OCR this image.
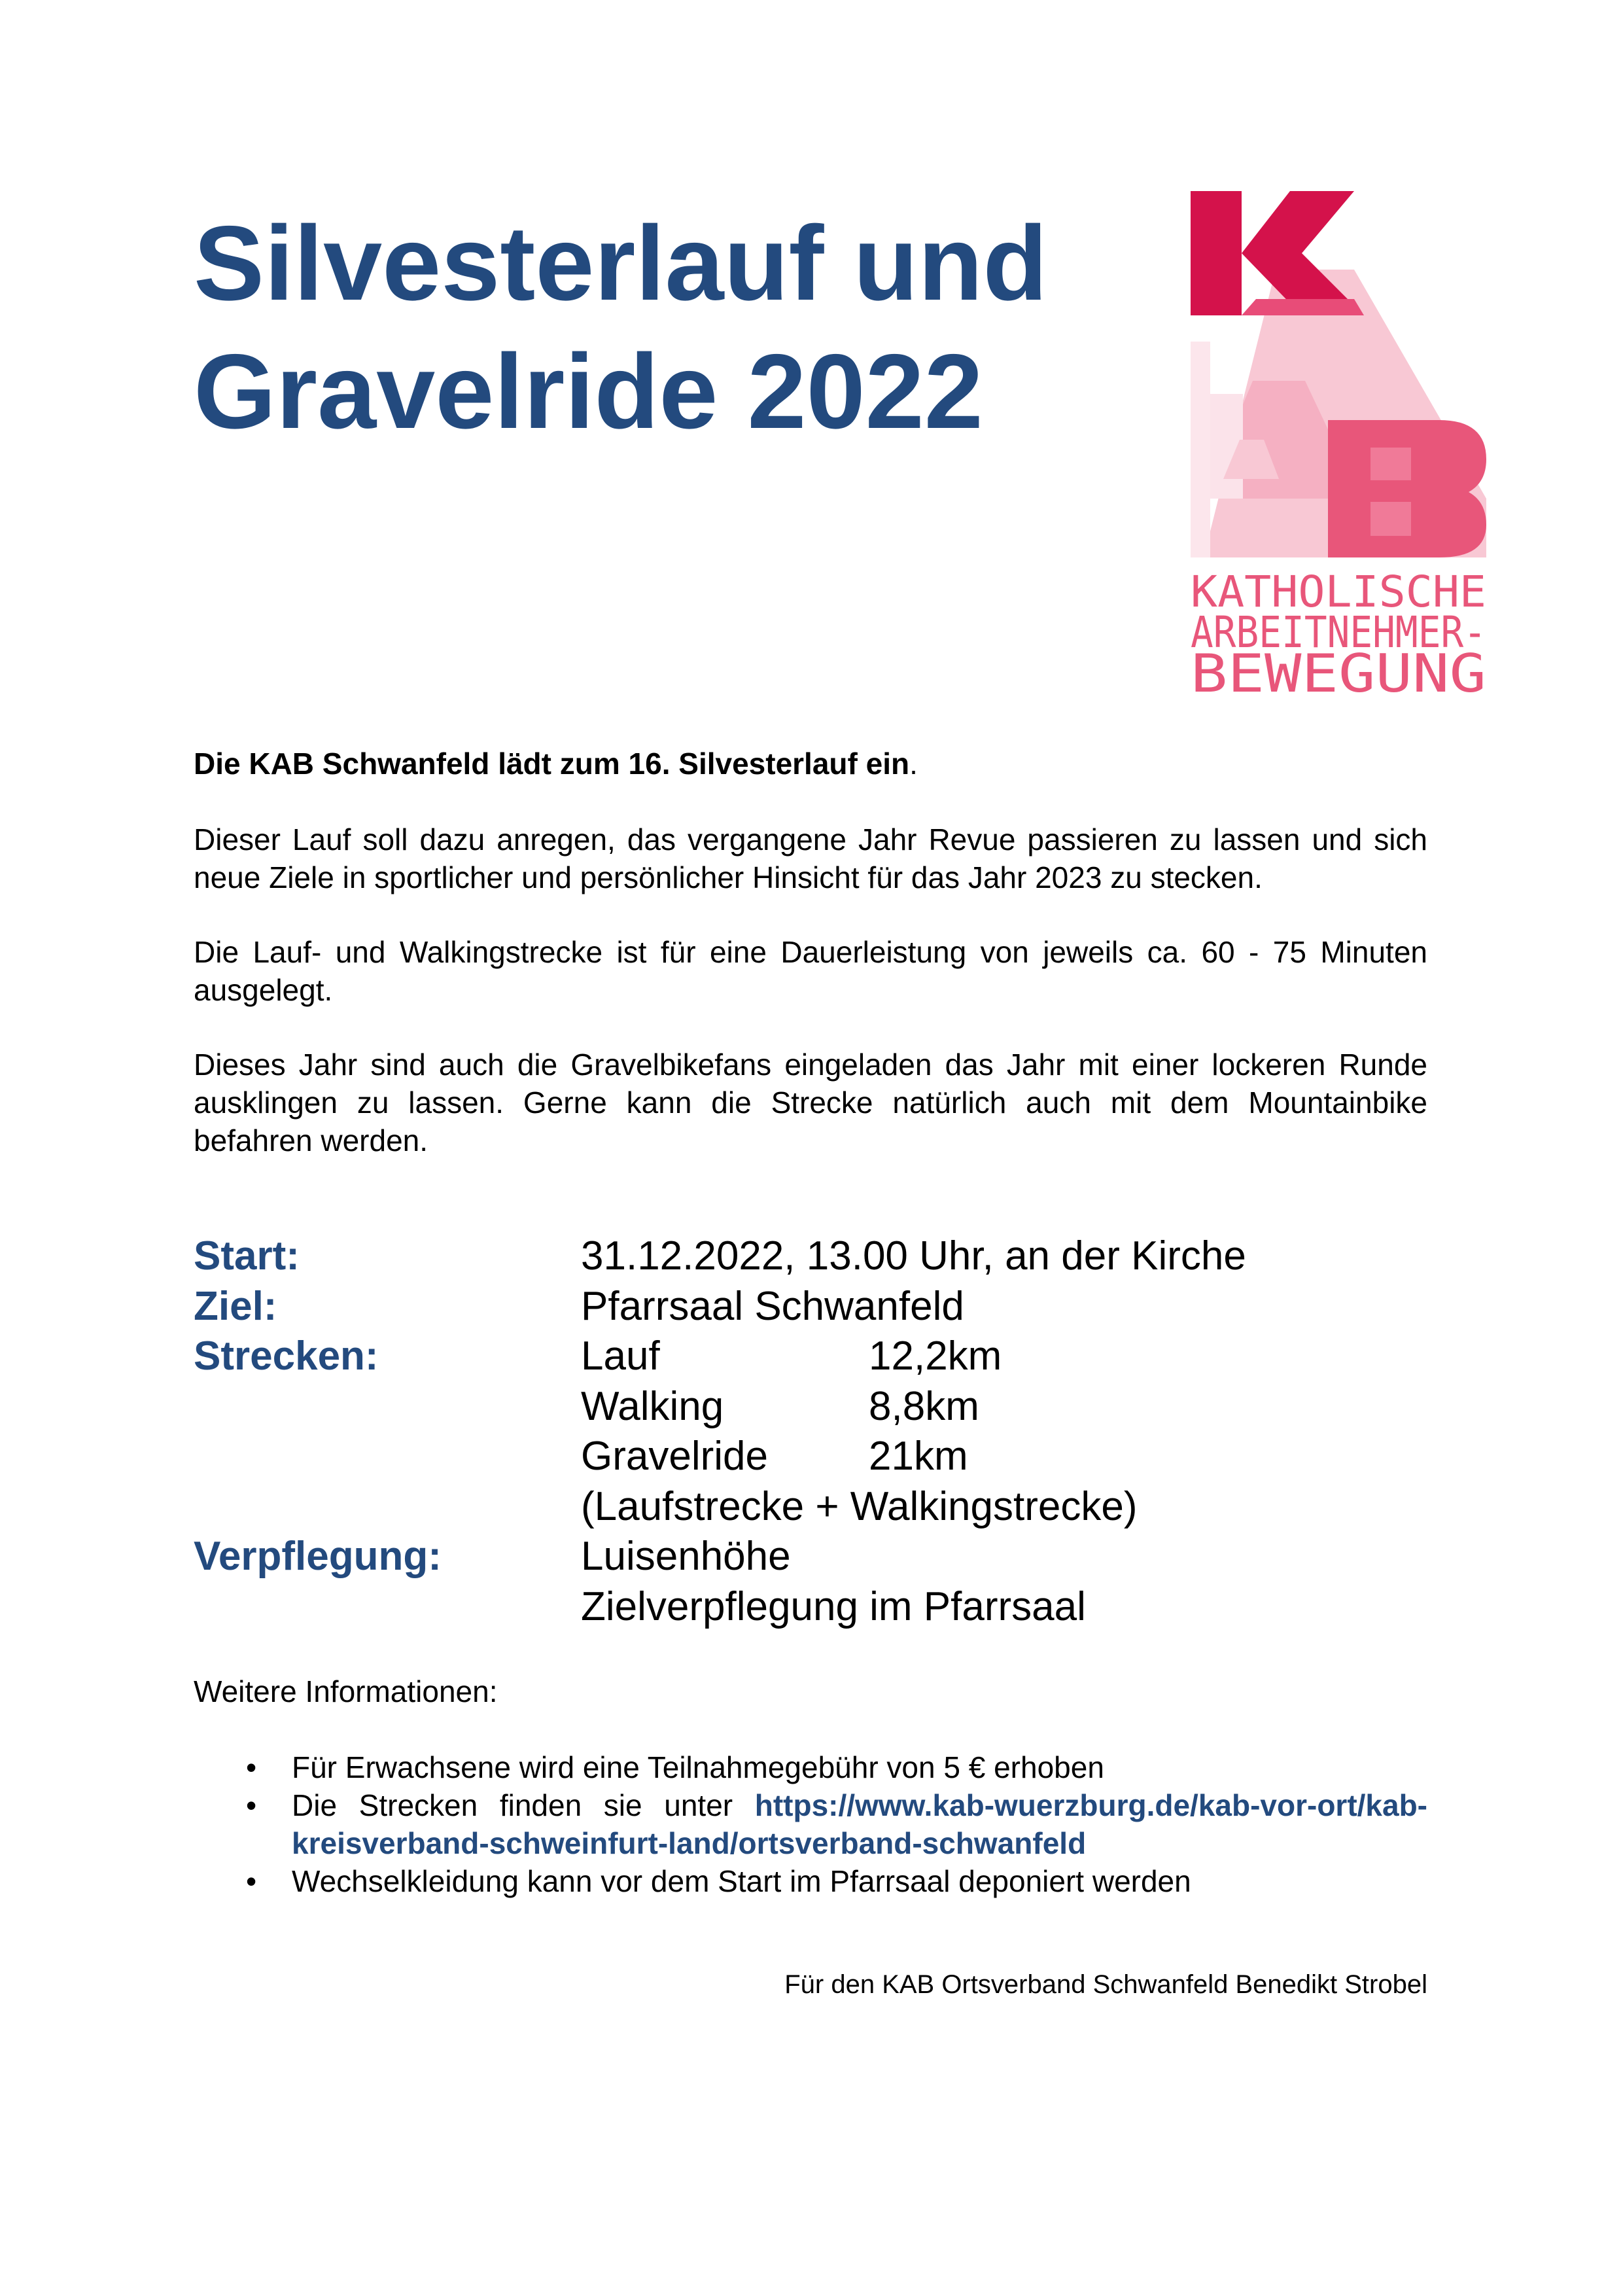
Silvesterlauf und
Gravelride 2022
KATHOLISCHE
ARBEITNEHMER-
BEWEGUNG

Die KAB Schwanfeld lädt zum 16. Silvesterlauf ein.

Dieser Lauf soll dazu anregen, das vergangene Jahr Revue passieren zu lassen und sich neue Ziele in sportlicher und persönlicher Hinsicht für das Jahr 2023 zu stecken.

Die Lauf- und Walkingstrecke ist für eine Dauerleistung von jeweils ca. 60 - 75 Minuten ausgelegt.

Dieses Jahr sind auch die Gravelbikefans eingeladen das Jahr mit einer lockeren Runde ausklingen zu lassen. Gerne kann die Strecke natürlich auch mit dem Mountainbike befahren werden.

Start:	31.12.2022, 13.00 Uhr, an der Kirche
Ziel:	Pfarrsaal Schwanfeld
Strecken:	Lauf	12,2km
Walking	8,8km
Gravelride 21km
(Laufstrecke + Walkingstrecke)
Verpflegung:	Luisenhöhe
Zielverpflegung im Pfarrsaal
Weitere Informationen:
• Für Erwachsene wird eine Teilnahmegebühr von 5 € erhoben
• Die Strecken finden sie unter https://www.kab-wuerzburg.de/kab-vor-ort/kab-kreisverband-schweinfurt-land/ortsverband-schwanfeld
• Wechselkleidung kann vor dem Start im Pfarrsaal deponiert werden
Für den KAB Ortsverband Schwanfeld Benedikt Strobel
